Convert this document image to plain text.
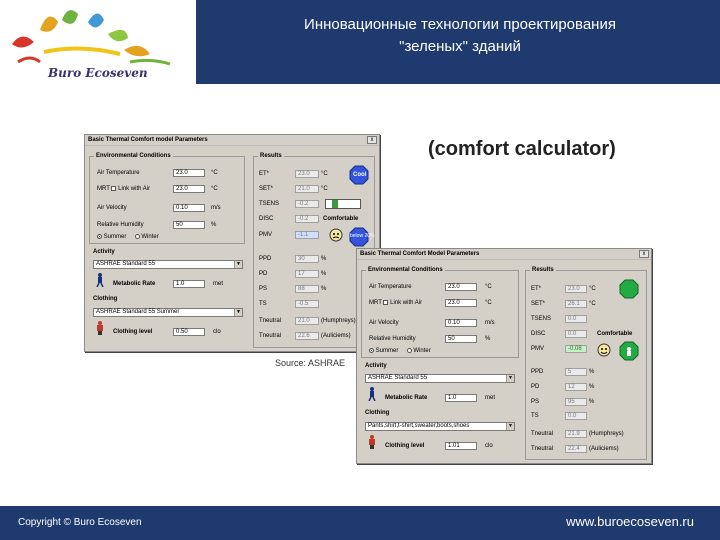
Buro Ecoseven
Инновационные технологии проектирования
"зеленых" зданий
(comfort calculator)
Source: ASHRAE
Basic Thermal Comfort model Parameters	x
Environmental Conditions
Air Temperature	23.0	°C
MRT Link with Air	23.0	°C
Air Velocity	0.10	m/s
Relative Humidity	50	%
Summer	Winter
Activity
ASHRAE Standard 55	▼
Metabolic Rate	1.0	met
Clothing
ASHRAE Standard 55 Summer	▼
Clothing level	0.50	clo
Results
ET*	23.0	°C
SET*	21.0	°C
TSENS	-0.2
DISC	-0.2
PMV	-1.1
PPD	30	%
PD	17	%
PS	88	%
TS	-0.5
Tneutral	21.0	(Humphreys)
Tneutral	22.6	(Auliciems)
Cool
Comfortable
below 20%
Basic Thermal Comfort Model Parameters	x
Environmental Conditions
Air Temperature	23.0	°C
MRT Link with Air	23.0	°C
Air Velocity	0.10	m/s
Relative Humidity	50	%
Summer	Winter
Activity
ASHRAE Standard 55	▼
Metabolic Rate	1.0	met
Clothing
Pants,shirt,t-shirt,sweater,boots,shoes	▼
Clothing level	1.01	clo
Results
ET*	23.0	°C
SET*	26.1	°C
TSENS	0.0
DISC	0.0
PMV	-0.08
PPD	5	%
PD	12	%
PS	95	%
TS	0.0
Tneutral	21.9	(Humphreys)
Tneutral	22.4	(Auliciems)
Comfortable
Copyright © Buro Ecoseven	www.buroecoseven.ru
